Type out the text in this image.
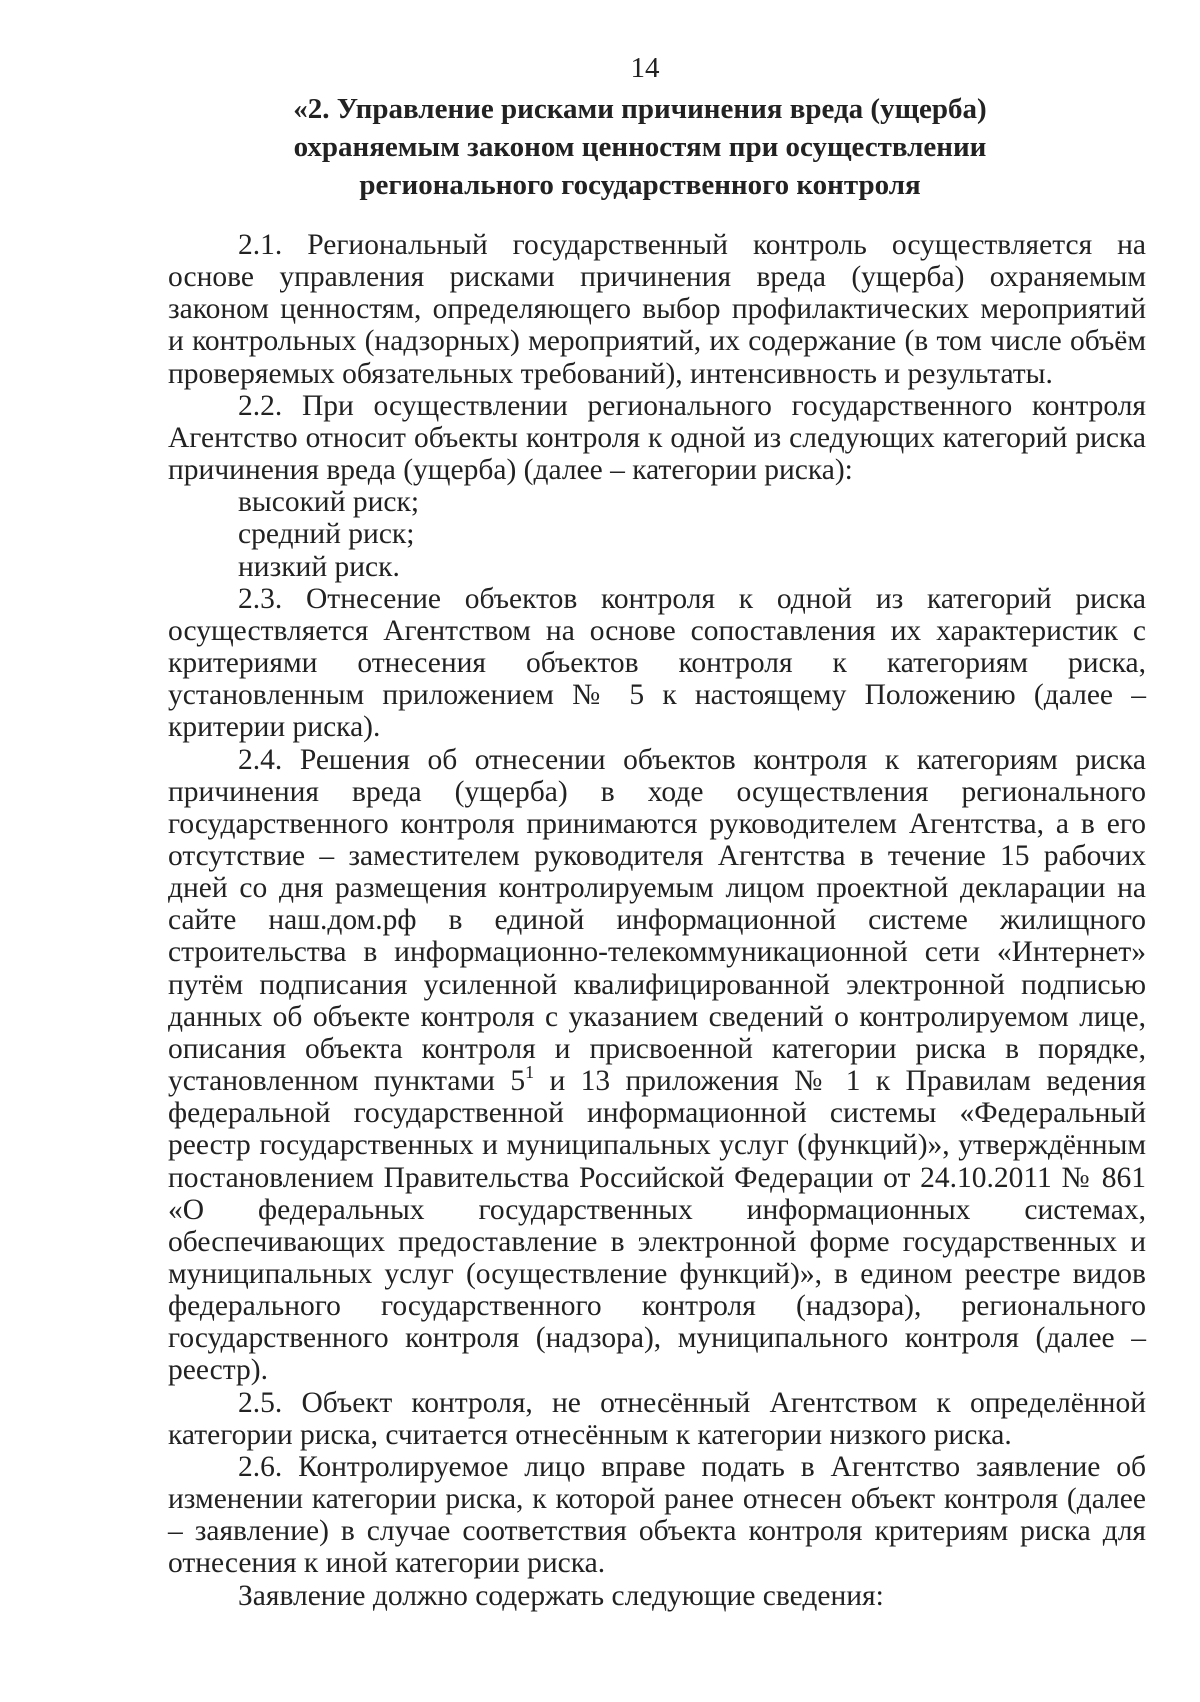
14
«2. Управление рисками причинения вреда (ущерба)
охраняемым законом ценностям при осуществлении
регионального государственного контроля

2.1. Региональный государственный контроль осуществляется на основе управления рисками причинения вреда (ущерба) охраняемым законом ценностям, определяющего выбор профилактических мероприятий и контрольных (надзорных) мероприятий, их содержание (в том числе объём проверяемых обязательных требований), интенсивность и результаты.

2.2. При осуществлении регионального государственного контроля Агентство относит объекты контроля к одной из следующих категорий риска причинения вреда (ущерба) (далее – категории риска):

высокий риск;

средний риск;

низкий риск.

2.3. Отнесение объектов контроля к одной из категорий риска осуществляется Агентством на основе сопоставления их характеристик с критериями отнесения объектов контроля к категориям риска, установленным приложением № 5 к настоящему Положению (далее – критерии риска).

2.4. Решения об отнесении объектов контроля к категориям риска причинения вреда (ущерба) в ходе осуществления регионального государственного контроля принимаются руководителем Агентства, а в его отсутствие – заместителем руководителя Агентства в течение 15 рабочих дней со дня размещения контролируемым лицом проектной декларации на сайте наш.дом.рф в единой информационной системе жилищного строительства в информационно-телекоммуникационной сети «Интернет» путём подписания усиленной квалифицированной электронной подписью данных об объекте контроля с указанием сведений о контролируемом лице, описания объекта контроля и присвоенной категории риска в порядке, установленном пунктами $5^1$ и 13 приложения № 1 к Правилам ведения федеральной государственной информационной системы «Федеральный реестр государственных и муниципальных услуг (функций)», утверждённым постановлением Правительства Российской Федерации от 24.10.2011 № 861 «О федеральных государственных информационных системах, обеспечивающих предоставление в электронной форме государственных и муниципальных услуг (осуществление функций)», в едином реестре видов федерального государственного контроля (надзора), регионального государственного контроля (надзора), муниципального контроля (далее – реестр).

2.5. Объект контроля, не отнесённый Агентством к определённой категории риска, считается отнесённым к категории низкого риска.

2.6. Контролируемое лицо вправе подать в Агентство заявление об изменении категории риска, к которой ранее отнесен объект контроля (далее – заявление) в случае соответствия объекта контроля критериям риска для отнесения к иной категории риска.

Заявление должно содержать следующие сведения:
